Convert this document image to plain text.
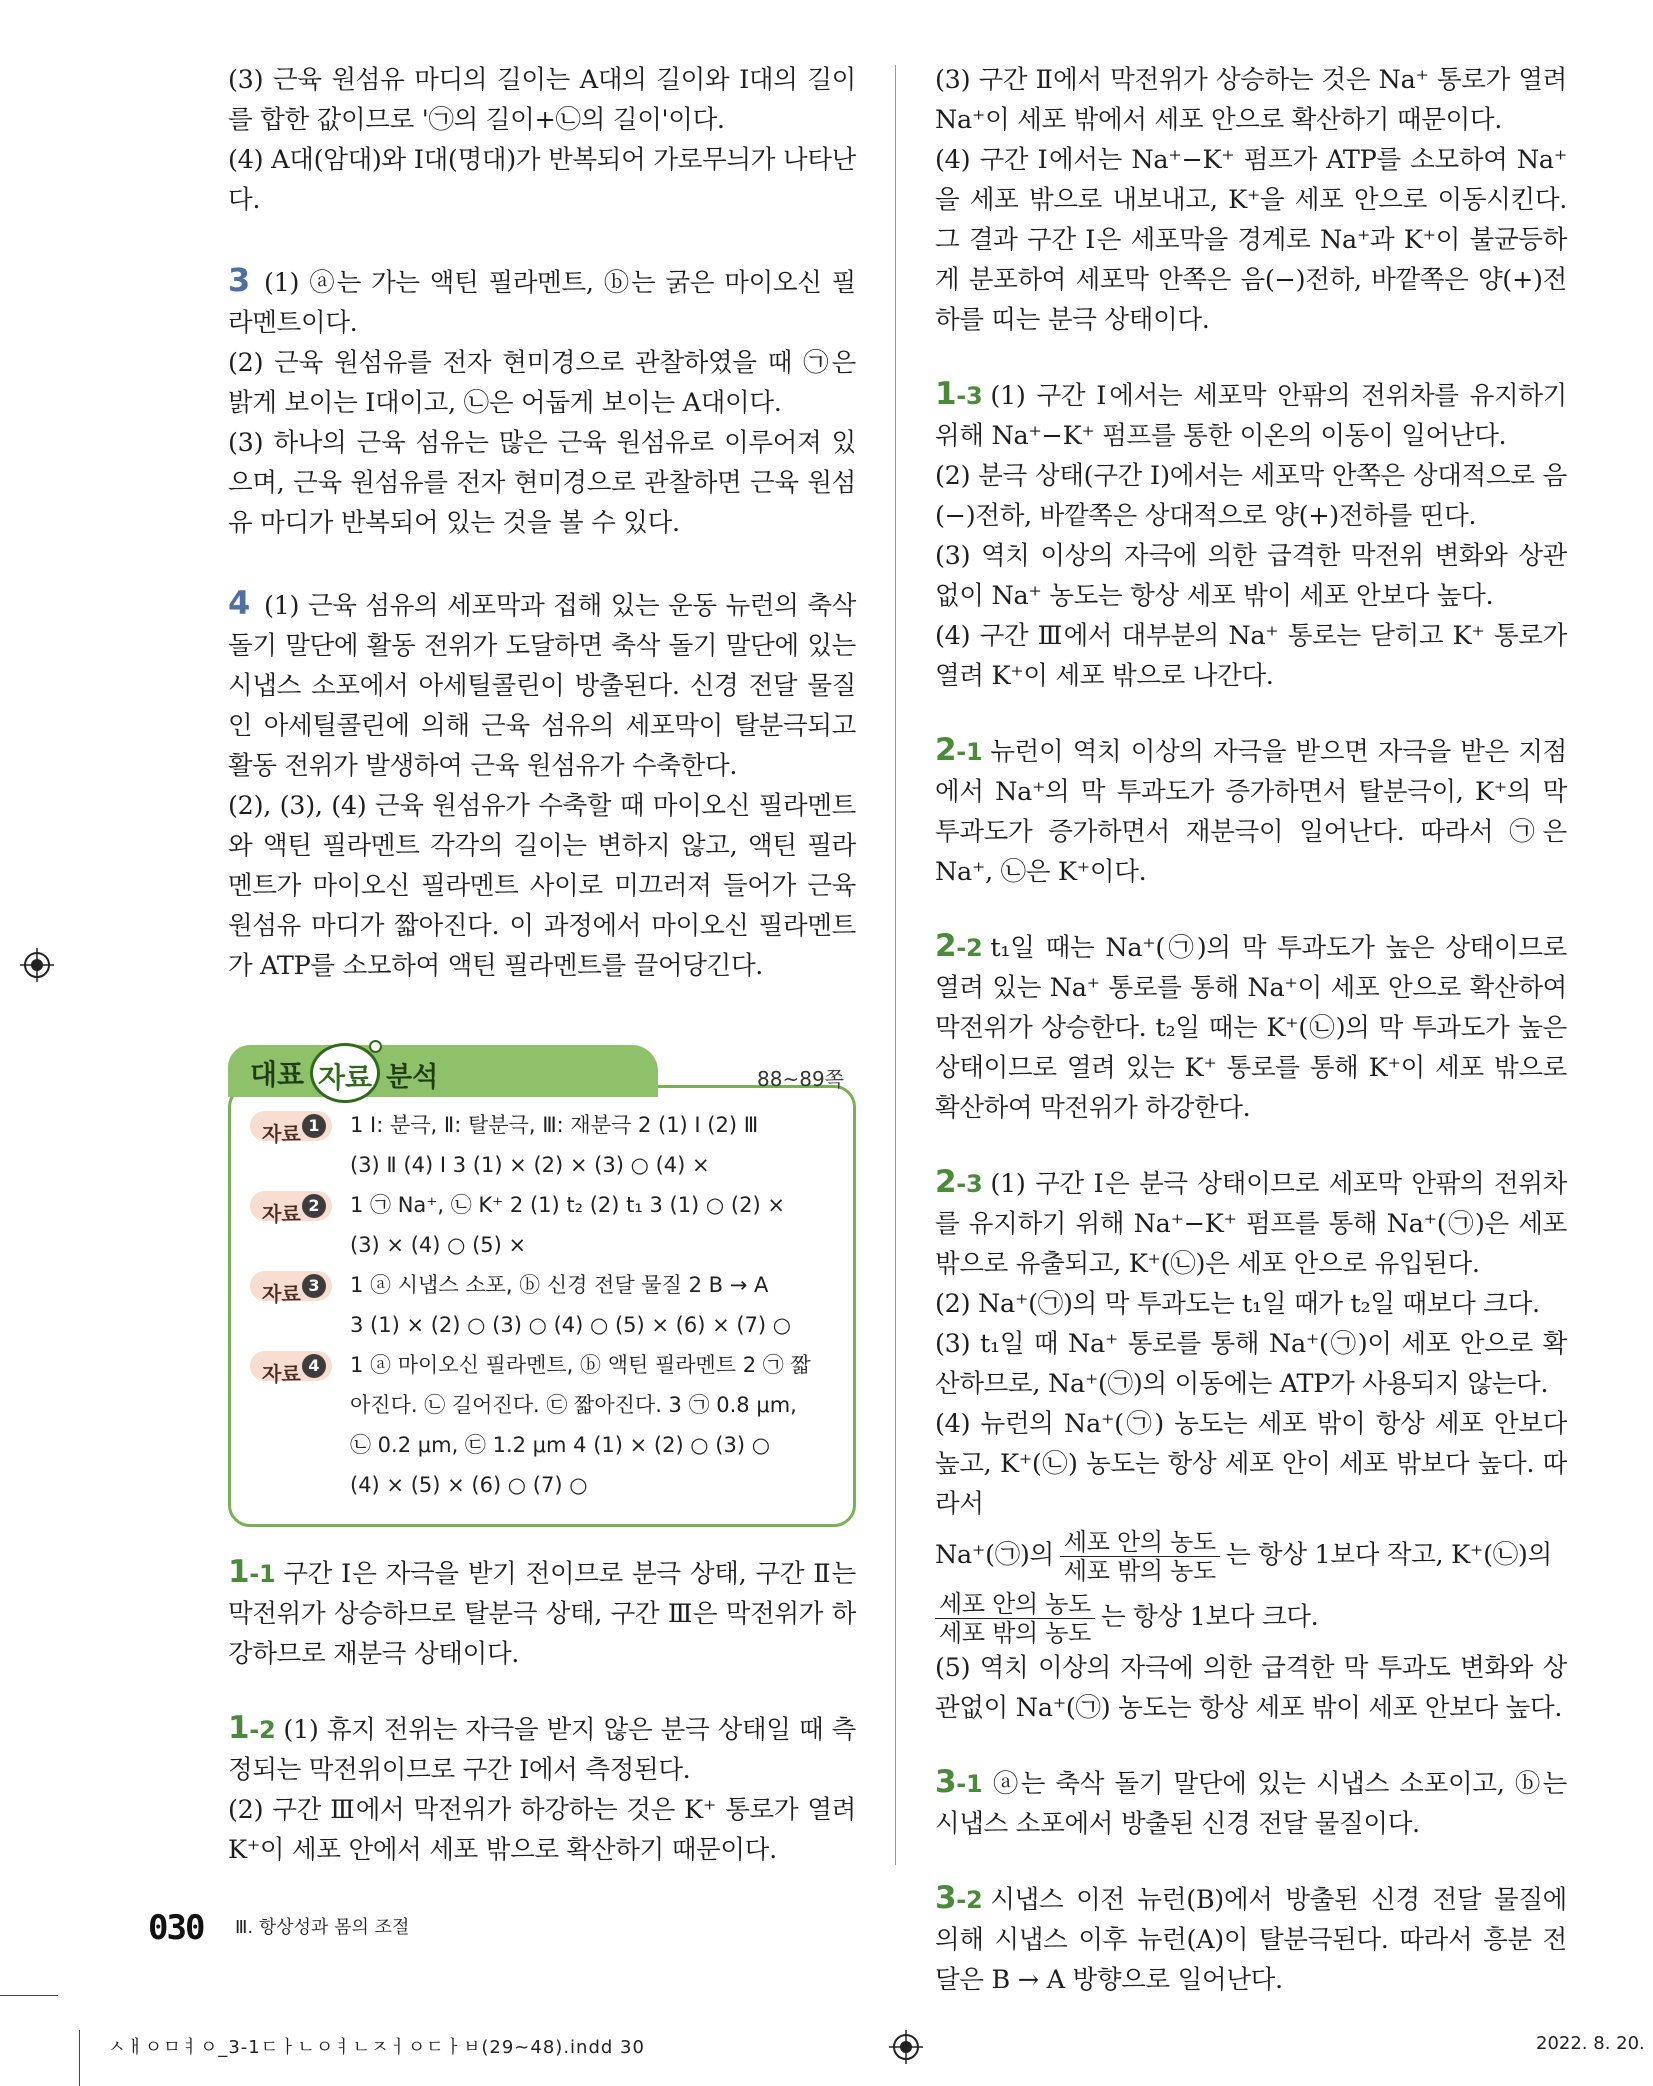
(3) 근육 원섬유 마디의 길이는 A대의 길이와 I대의 길이를 합한 값이므로 '㉠의 길이+㉡의 길이'이다.

(4) A대(암대)와 I대(명대)가 반복되어 가로무늬가 나타난다.

3 (1) ⓐ는 가는 액틴 필라멘트, ⓑ는 굵은 마이오신 필라멘트이다.

(2) 근육 원섬유를 전자 현미경으로 관찰하였을 때 ㉠은 밝게 보이는 I대이고, ㉡은 어둡게 보이는 A대이다.

(3) 하나의 근육 섬유는 많은 근육 원섬유로 이루어져 있으며, 근육 원섬유를 전자 현미경으로 관찰하면 근육 원섬유 마디가 반복되어 있는 것을 볼 수 있다.

4 (1) 근육 섬유의 세포막과 접해 있는 운동 뉴런의 축삭 돌기 말단에 활동 전위가 도달하면 축삭 돌기 말단에 있는 시냅스 소포에서 아세틸콜린이 방출된다. 신경 전달 물질인 아세틸콜린에 의해 근육 섬유의 세포막이 탈분극되고 활동 전위가 발생하여 근육 원섬유가 수축한다.

(2), (3), (4) 근육 원섬유가 수축할 때 마이오신 필라멘트와 액틴 필라멘트 각각의 길이는 변하지 않고, 액틴 필라멘트가 마이오신 필라멘트 사이로 미끄러져 들어가 근육 원섬유 마디가 짧아진다. 이 과정에서 마이오신 필라멘트가 ATP를 소모하여 액틴 필라멘트를 끌어당긴다.

대표 자료 분석	88~89쪽
자료 1	1 Ⅰ: 분극, Ⅱ: 탈분극, Ⅲ: 재분극 2 (1) Ⅰ (2) Ⅲ
(3) Ⅱ (4) Ⅰ 3 (1) × (2) × (3) ○ (4) ×
자료 2	1 ㉠ Na⁺, ㉡ K⁺ 2 (1) t₂ (2) t₁ 3 (1) ○ (2) ×
(3) × (4) ○ (5) ×
자료 3	1 ⓐ 시냅스 소포, ⓑ 신경 전달 물질 2 B → A
3 (1) × (2) ○ (3) ○ (4) ○ (5) × (6) × (7) ○
자료 4	1 ⓐ 마이오신 필라멘트, ⓑ 액틴 필라멘트 2 ㉠ 짧
아진다. ㉡ 길어진다. ㉢ 짧아진다. 3 ㉠ 0.8 μm,
㉡ 0.2 μm, ㉢ 1.2 μm 4 (1) × (2) ○ (3) ○
(4) × (5) × (6) ○ (7) ○

1-1 구간 Ⅰ은 자극을 받기 전이므로 분극 상태, 구간 Ⅱ는 막전위가 상승하므로 탈분극 상태, 구간 Ⅲ은 막전위가 하강하므로 재분극 상태이다.

1-2 (1) 휴지 전위는 자극을 받지 않은 분극 상태일 때 측정되는 막전위이므로 구간 Ⅰ에서 측정된다.

(2) 구간 Ⅲ에서 막전위가 하강하는 것은 K⁺ 통로가 열려 K⁺이 세포 안에서 세포 밖으로 확산하기 때문이다.

(3) 구간 Ⅱ에서 막전위가 상승하는 것은 Na⁺ 통로가 열려 Na⁺이 세포 밖에서 세포 안으로 확산하기 때문이다.

(4) 구간 Ⅰ에서는 Na⁺−K⁺ 펌프가 ATP를 소모하여 Na⁺을 세포 밖으로 내보내고, K⁺을 세포 안으로 이동시킨다. 그 결과 구간 Ⅰ은 세포막을 경계로 Na⁺과 K⁺이 불균등하게 분포하여 세포막 안쪽은 음(−)전하, 바깥쪽은 양(+)전하를 띠는 분극 상태이다.

1-3 (1) 구간 Ⅰ에서는 세포막 안팎의 전위차를 유지하기 위해 Na⁺−K⁺ 펌프를 통한 이온의 이동이 일어난다.

(2) 분극 상태(구간 Ⅰ)에서는 세포막 안쪽은 상대적으로 음(−)전하, 바깥쪽은 상대적으로 양(+)전하를 띤다.

(3) 역치 이상의 자극에 의한 급격한 막전위 변화와 상관없이 Na⁺ 농도는 항상 세포 밖이 세포 안보다 높다.

(4) 구간 Ⅲ에서 대부분의 Na⁺ 통로는 닫히고 K⁺ 통로가 열려 K⁺이 세포 밖으로 나간다.

2-1 뉴런이 역치 이상의 자극을 받으면 자극을 받은 지점에서 Na⁺의 막 투과도가 증가하면서 탈분극이, K⁺의 막 투과도가 증가하면서 재분극이 일어난다. 따라서 ㉠은 Na⁺, ㉡은 K⁺이다.

2-2 t₁일 때는 Na⁺(㉠)의 막 투과도가 높은 상태이므로 열려 있는 Na⁺ 통로를 통해 Na⁺이 세포 안으로 확산하여 막전위가 상승한다. t₂일 때는 K⁺(㉡)의 막 투과도가 높은 상태이므로 열려 있는 K⁺ 통로를 통해 K⁺이 세포 밖으로 확산하여 막전위가 하강한다.

2-3 (1) 구간 Ⅰ은 분극 상태이므로 세포막 안팎의 전위차를 유지하기 위해 Na⁺−K⁺ 펌프를 통해 Na⁺(㉠)은 세포 밖으로 유출되고, K⁺(㉡)은 세포 안으로 유입된다.

(2) Na⁺(㉠)의 막 투과도는 t₁일 때가 t₂일 때보다 크다.

(3) t₁일 때 Na⁺ 통로를 통해 Na⁺(㉠)이 세포 안으로 확산하므로, Na⁺(㉠)의 이동에는 ATP가 사용되지 않는다.

(4) 뉴런의 Na⁺(㉠) 농도는 세포 밖이 항상 세포 안보다 높고, K⁺(㉡) 농도는 항상 세포 안이 세포 밖보다 높다. 따라서

Na⁺(㉠)의 $\frac{\text{세포 안의 농도}}{\text{세포 밖의 농도}}$ 는 항상 1보다 작고, K⁺(㉡)의

$\frac{\text{세포 안의 농도}}{\text{세포 밖의 농도}}$ 는 항상 1보다 크다.

(5) 역치 이상의 자극에 의한 급격한 막 투과도 변화와 상관없이 Na⁺(㉠) 농도는 항상 세포 밖이 세포 안보다 높다.

3-1 ⓐ는 축삭 돌기 말단에 있는 시냅스 소포이고, ⓑ는 시냅스 소포에서 방출된 신경 전달 물질이다.

3-2 시냅스 이전 뉴런(B)에서 방출된 신경 전달 물질에 의해 시냅스 이후 뉴런(A)이 탈분극된다. 따라서 흥분 전달은 B → A 방향으로 일어난다.

030 Ⅲ. 항상성과 몸의 조절
ㅅㅐㅇㅁㅕㅇ_3-1ㄷㅏㄴㅇㅕㄴㅈㅓㅇㄷㅏㅂ(29~48).indd 30	2022. 8. 20.
